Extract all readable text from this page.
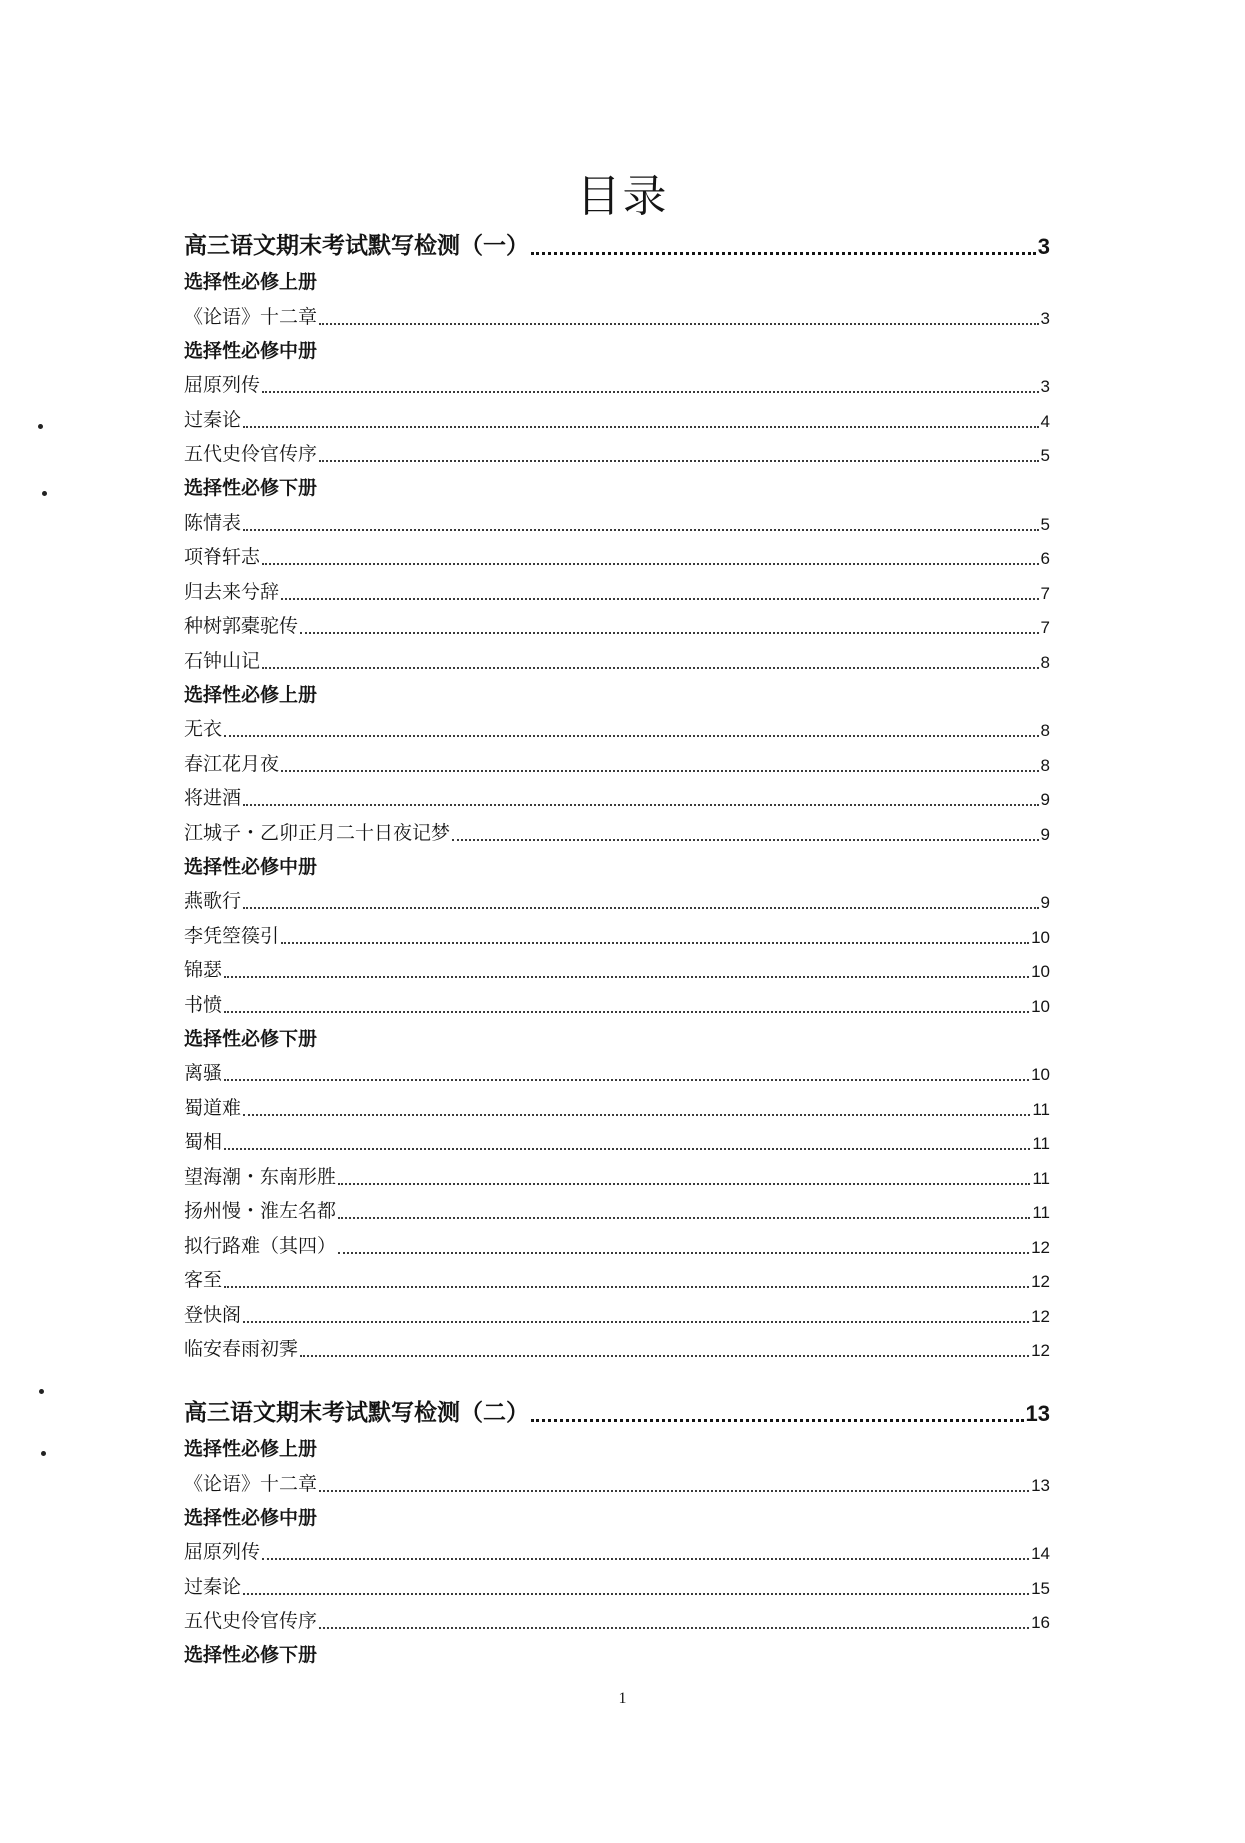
目录
高三语文期末考试默写检测（一）	3
选择性必修上册
《论语》十二章	3
选择性必修中册
屈原列传	3
过秦论	4
五代史伶官传序	5
选择性必修下册
陈情表	5
项脊轩志	6
归去来兮辞	7
种树郭橐驼传	7
石钟山记	8
选择性必修上册
无衣	8
春江花月夜	8
将进酒	9
江城子・乙卯正月二十日夜记梦	9
选择性必修中册
燕歌行	9
李凭箜篌引	10
锦瑟	10
书愤	10
选择性必修下册
离骚	10
蜀道难	11
蜀相	11
望海潮・东南形胜	11
扬州慢・淮左名都	11
拟行路难（其四）	12
客至	12
登快阁	12
临安春雨初霁	12
高三语文期末考试默写检测（二）	13
选择性必修上册
《论语》十二章	13
选择性必修中册
屈原列传	14
过秦论	15
五代史伶官传序	16
选择性必修下册
1
